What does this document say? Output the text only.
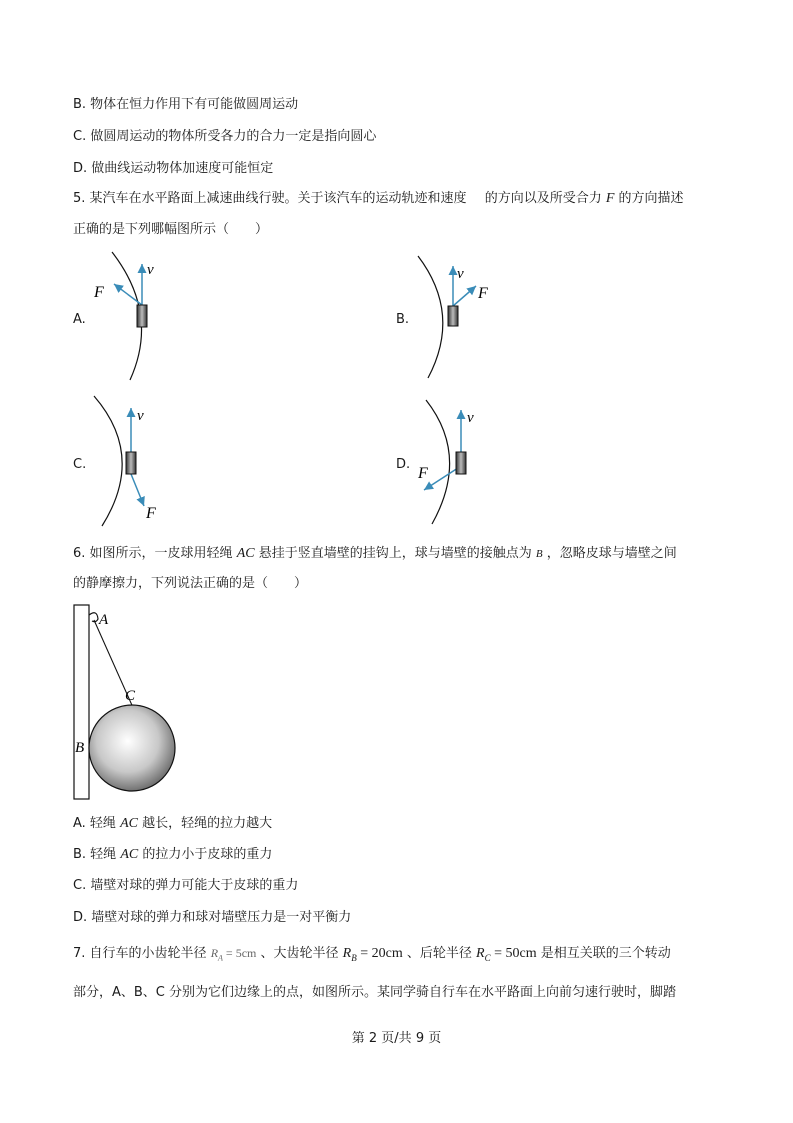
B. 物体在恒力作用下有可能做圆周运动
C. 做圆周运动的物体所受各力的合力一定是指向圆心
D. 做曲线运动物体加速度可能恒定
5. 某汽车在水平路面上减速曲线行驶。关于该汽车的运动轨迹和速度 的方向以及所受合力 F 的方向描述
正确的是下列哪幅图所示（　　）
A.	B.
C.	D.
v
F
v
F
v
F
v
F
6. 如图所示，一皮球用轻绳 AC 悬挂于竖直墙壁的挂钩上，球与墙壁的接触点为 B ，忽略皮球与墙壁之间
的静摩擦力，下列说法正确的是（　　）
A
C
B
A. 轻绳 AC 越长，轻绳的拉力越大
B. 轻绳 AC 的拉力小于皮球的重力
C. 墙壁对球的弹力可能大于皮球的重力
D. 墙壁对球的弹力和球对墙壁压力是一对平衡力
7. 自行车的小齿轮半径 $R_A = 5cm$ 、大齿轮半径 $R_B = 20cm$ 、后轮半径 $R_C = 50cm$ 是相互关联的三个转动
部分，A、B、C 分别为它们边缘上的点，如图所示。某同学骑自行车在水平路面上向前匀速行驶时，脚踏
第 2 页/共 9 页
